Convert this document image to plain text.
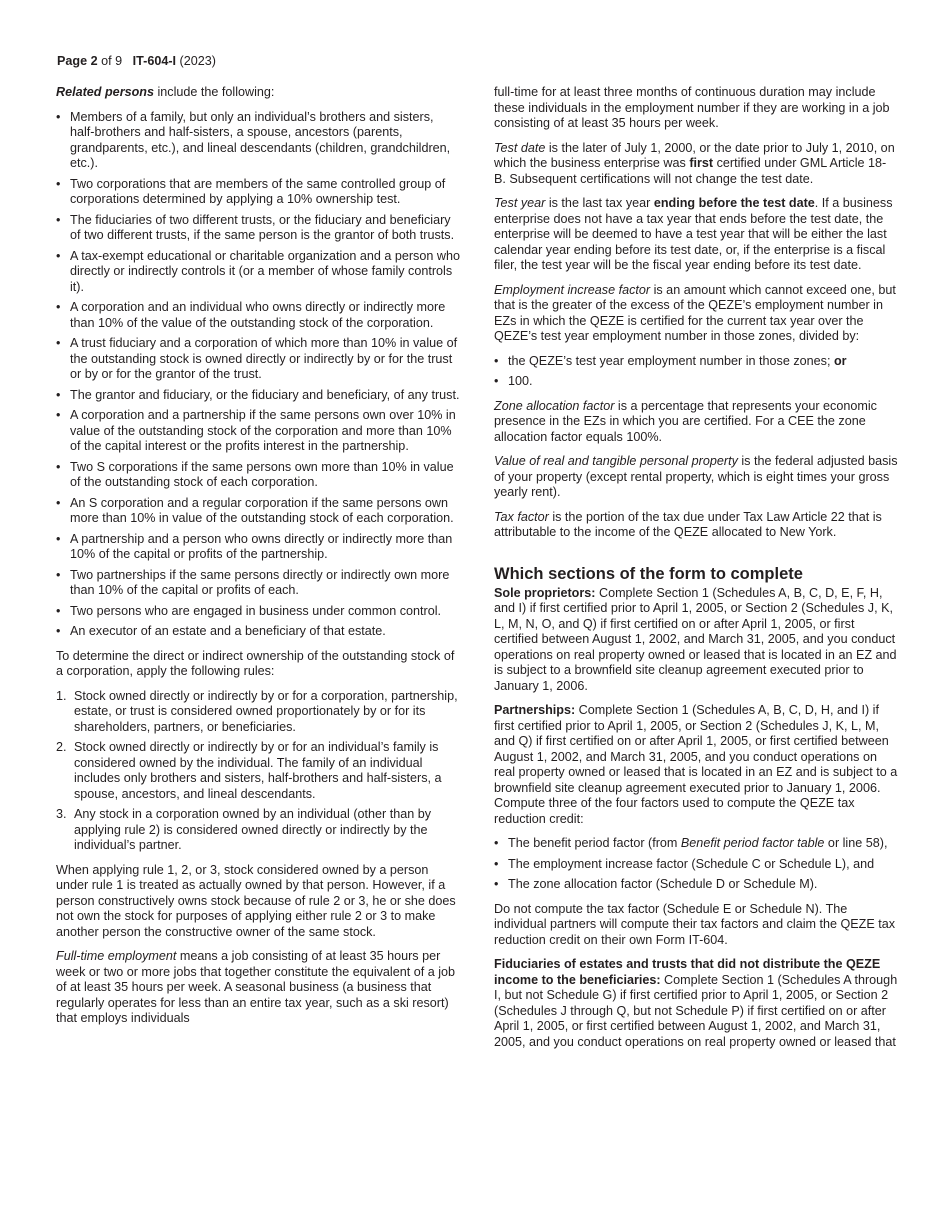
Page 2 of 9 IT-604-I (2023)

Related persons include the following:

• Members of a family, but only an individual’s brothers and sisters, half-brothers and half-sisters, a spouse, ancestors (parents, grandparents, etc.), and lineal descendants (children, grandchildren, etc.).
• Two corporations that are members of the same controlled group of corporations determined by applying a 10% ownership test.
• The fiduciaries of two different trusts, or the fiduciary and beneficiary of two different trusts, if the same person is the grantor of both trusts.
• A tax-exempt educational or charitable organization and a person who directly or indirectly controls it (or a member of whose family controls it).
• A corporation and an individual who owns directly or indirectly more than 10% of the value of the outstanding stock of the corporation.
• A trust fiduciary and a corporation of which more than 10% in value of the outstanding stock is owned directly or indirectly by or for the trust or by or for the grantor of the trust.
• The grantor and fiduciary, or the fiduciary and beneficiary, of any trust.
• A corporation and a partnership if the same persons own over 10% in value of the outstanding stock of the corporation and more than 10% of the capital interest or the profits interest in the partnership.
• Two S corporations if the same persons own more than 10% in value of the outstanding stock of each corporation.
• An S corporation and a regular corporation if the same persons own more than 10% in value of the outstanding stock of each corporation.
• A partnership and a person who owns directly or indirectly more than 10% of the capital or profits of the partnership.
• Two partnerships if the same persons directly or indirectly own more than 10% of the capital or profits of each.
• Two persons who are engaged in business under common control.
• An executor of an estate and a beneficiary of that estate.

To determine the direct or indirect ownership of the outstanding stock of a corporation, apply the following rules:

1. Stock owned directly or indirectly by or for a corporation, partnership, estate, or trust is considered owned proportionately by or for its shareholders, partners, or beneficiaries.
2. Stock owned directly or indirectly by or for an individual’s family is considered owned by the individual. The family of an individual includes only brothers and sisters, half-brothers and half-sisters, a spouse, ancestors, and lineal descendants.
3. Any stock in a corporation owned by an individual (other than by applying rule 2) is considered owned directly or indirectly by the individual’s partner.

When applying rule 1, 2, or 3, stock considered owned by a person under rule 1 is treated as actually owned by that person. However, if a person constructively owns stock because of rule 2 or 3, he or she does not own the stock for purposes of applying either rule 2 or 3 to make another person the constructive owner of the same stock.

Full-time employment means a job consisting of at least 35 hours per week or two or more jobs that together constitute the equivalent of a job of at least 35 hours per week. A seasonal business (a business that regularly operates for less than an entire tax year, such as a ski resort) that employs individuals

full-time for at least three months of continuous duration may include these individuals in the employment number if they are working in a job consisting of at least 35 hours per week.

Test date is the later of July 1, 2000, or the date prior to July 1, 2010, on which the business enterprise was first certified under GML Article 18-B. Subsequent certifications will not change the test date.

Test year is the last tax year ending before the test date. If a business enterprise does not have a tax year that ends before the test date, the enterprise will be deemed to have a test year that will be either the last calendar year ending before its test date, or, if the enterprise is a fiscal filer, the test year will be the fiscal year ending before its test date.

Employment increase factor is an amount which cannot exceed one, but that is the greater of the excess of the QEZE’s employment number in EZs in which the QEZE is certified for the current tax year over the QEZE’s test year employment number in those zones, divided by:

• the QEZE’s test year employment number in those zones; or
• 100.

Zone allocation factor is a percentage that represents your economic presence in the EZs in which you are certified. For a CEE the zone allocation factor equals 100%.

Value of real and tangible personal property is the federal adjusted basis of your property (except rental property, which is eight times your gross yearly rent).

Tax factor is the portion of the tax due under Tax Law Article 22 that is attributable to the income of the QEZE allocated to New York.

Which sections of the form to complete

Sole proprietors: Complete Section 1 (Schedules A, B, C, D, E, F, H, and I) if first certified prior to April 1, 2005, or Section 2 (Schedules J, K, L, M, N, O, and Q) if first certified on or after April 1, 2005, or first certified between August 1, 2002, and March 31, 2005, and you conduct operations on real property owned or leased that is located in an EZ and is subject to a brownfield site cleanup agreement executed prior to January 1, 2006.

Partnerships: Complete Section 1 (Schedules A, B, C, D, H, and I) if first certified prior to April 1, 2005, or Section 2 (Schedules J, K, L, M, and Q) if first certified on or after April 1, 2005, or first certified between August 1, 2002, and March 31, 2005, and you conduct operations on real property owned or leased that is located in an EZ and is subject to a brownfield site cleanup agreement executed prior to January 1, 2006. Compute three of the four factors used to compute the QEZE tax reduction credit:

• The benefit period factor (from Benefit period factor table or line 58),
• The employment increase factor (Schedule C or Schedule L), and
• The zone allocation factor (Schedule D or Schedule M).

Do not compute the tax factor (Schedule E or Schedule N). The individual partners will compute their tax factors and claim the QEZE tax reduction credit on their own Form IT-604.

Fiduciaries of estates and trusts that did not distribute the QEZE income to the beneficiaries: Complete Section 1 (Schedules A through I, but not Schedule G) if first certified prior to April 1, 2005, or Section 2 (Schedules J through Q, but not Schedule P) if first certified on or after April 1, 2005, or first certified between August 1, 2002, and March 31, 2005, and you conduct operations on real property owned or leased that
